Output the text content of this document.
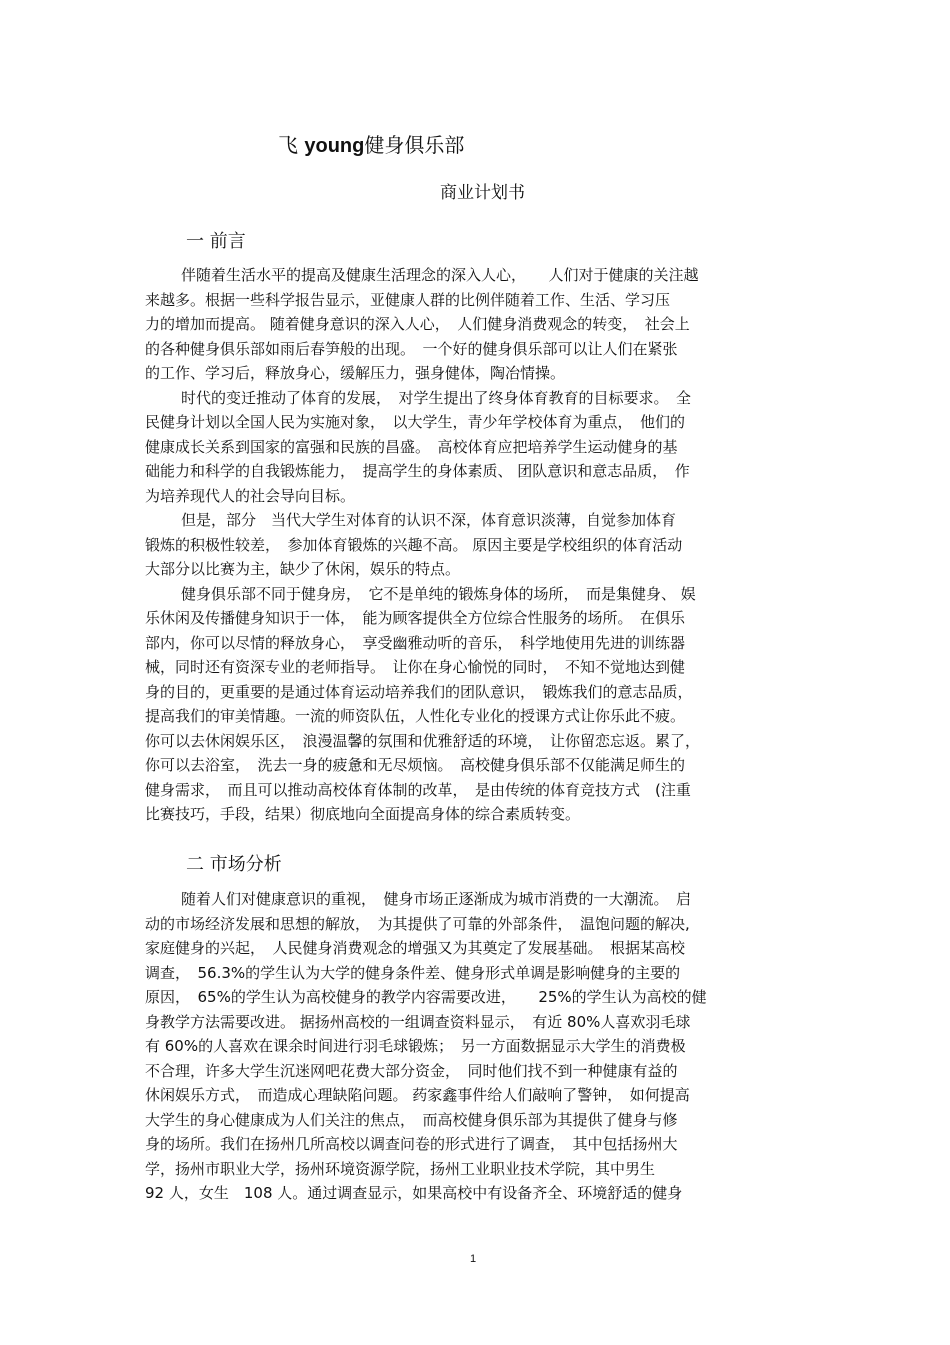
飞 young健身俱乐部
商业计划书
一 前言
伴随着生活水平的提高及健康生活理念的深入人心，　　人们对于健康的关注越
来越多。根据一些科学报告显示，亚健康人群的比例伴随着工作、生活、学习压
力的增加而提高。 随着健身意识的深入人心，　人们健身消费观念的转变，　社会上
的各种健身俱乐部如雨后春笋般的出现。　一个好的健身俱乐部可以让人们在紧张
的工作、学习后，释放身心，缓解压力，强身健体，陶冶情操。
时代的变迁推动了体育的发展，　对学生提出了终身体育教育的目标要求。　全
民健身计划以全国人民为实施对象，　以大学生，青少年学校体育为重点，　他们的
健康成长关系到国家的富强和民族的昌盛。　高校体育应把培养学生运动健身的基
础能力和科学的自我锻炼能力，　提高学生的身体素质、 团队意识和意志品质，　作
为培养现代人的社会导向目标。
但是，部分　当代大学生对体育的认识不深，体育意识淡薄，自觉参加体育
锻炼的积极性较差，　参加体育锻炼的兴趣不高。 原因主要是学校组织的体育活动
大部分以比赛为主，缺少了休闲，娱乐的特点。
健身俱乐部不同于健身房，　它不是单纯的锻炼身体的场所，　而是集健身、 娱
乐休闲及传播健身知识于一体，　能为顾客提供全方位综合性服务的场所。　在俱乐
部内，你可以尽情的释放身心，　享受幽雅动听的音乐，　科学地使用先进的训练器
械，同时还有资深专业的老师指导。　让你在身心愉悦的同时，　不知不觉地达到健
身的目的，更重要的是通过体育运动培养我们的团队意识，　锻炼我们的意志品质，
提高我们的审美情趣。一流的师资队伍，人性化专业化的授课方式让你乐此不疲。
你可以去休闲娱乐区，　浪漫温馨的氛围和优雅舒适的环境，　让你留恋忘返。累了，
你可以去浴室，　洗去一身的疲惫和无尽烦恼。　高校健身俱乐部不仅能满足师生的
健身需求，　而且可以推动高校体育体制的改革，　是由传统的体育竞技方式　(注重
比赛技巧，手段，结果）彻底地向全面提高身体的综合素质转变。
二 市场分析
随着人们对健康意识的重视，　健身市场正逐渐成为城市消费的一大潮流。　启
动的市场经济发展和思想的解放，　为其提供了可靠的外部条件，　温饱问题的解决,
家庭健身的兴起，　人民健身消费观念的增强又为其奠定了发展基础。　根据某高校
调查，　56.3%的学生认为大学的健身条件差、健身形式单调是影响健身的主要的
原因，　65%的学生认为高校健身的教学内容需要改进，　　25%的学生认为高校的健
身教学方法需要改进。 据扬州高校的一组调查资料显示，　有近 80%人喜欢羽毛球
有 60%的人喜欢在课余时间进行羽毛球锻炼；　另一方面数据显示大学生的消费极
不合理，许多大学生沉迷网吧花费大部分资金，　同时他们找不到一种健康有益的
休闲娱乐方式，　而造成心理缺陷问题。 药家鑫事件给人们敲响了警钟，　如何提高
大学生的身心健康成为人们关注的焦点，　而高校健身俱乐部为其提供了健身与修
身的场所。我们在扬州几所高校以调查问卷的形式进行了调查，　其中包括扬州大
学，扬州市职业大学，扬州环境资源学院，扬州工业职业技术学院，其中男生
92 人，女生　108 人。通过调查显示，如果高校中有设备齐全、环境舒适的健身
1
